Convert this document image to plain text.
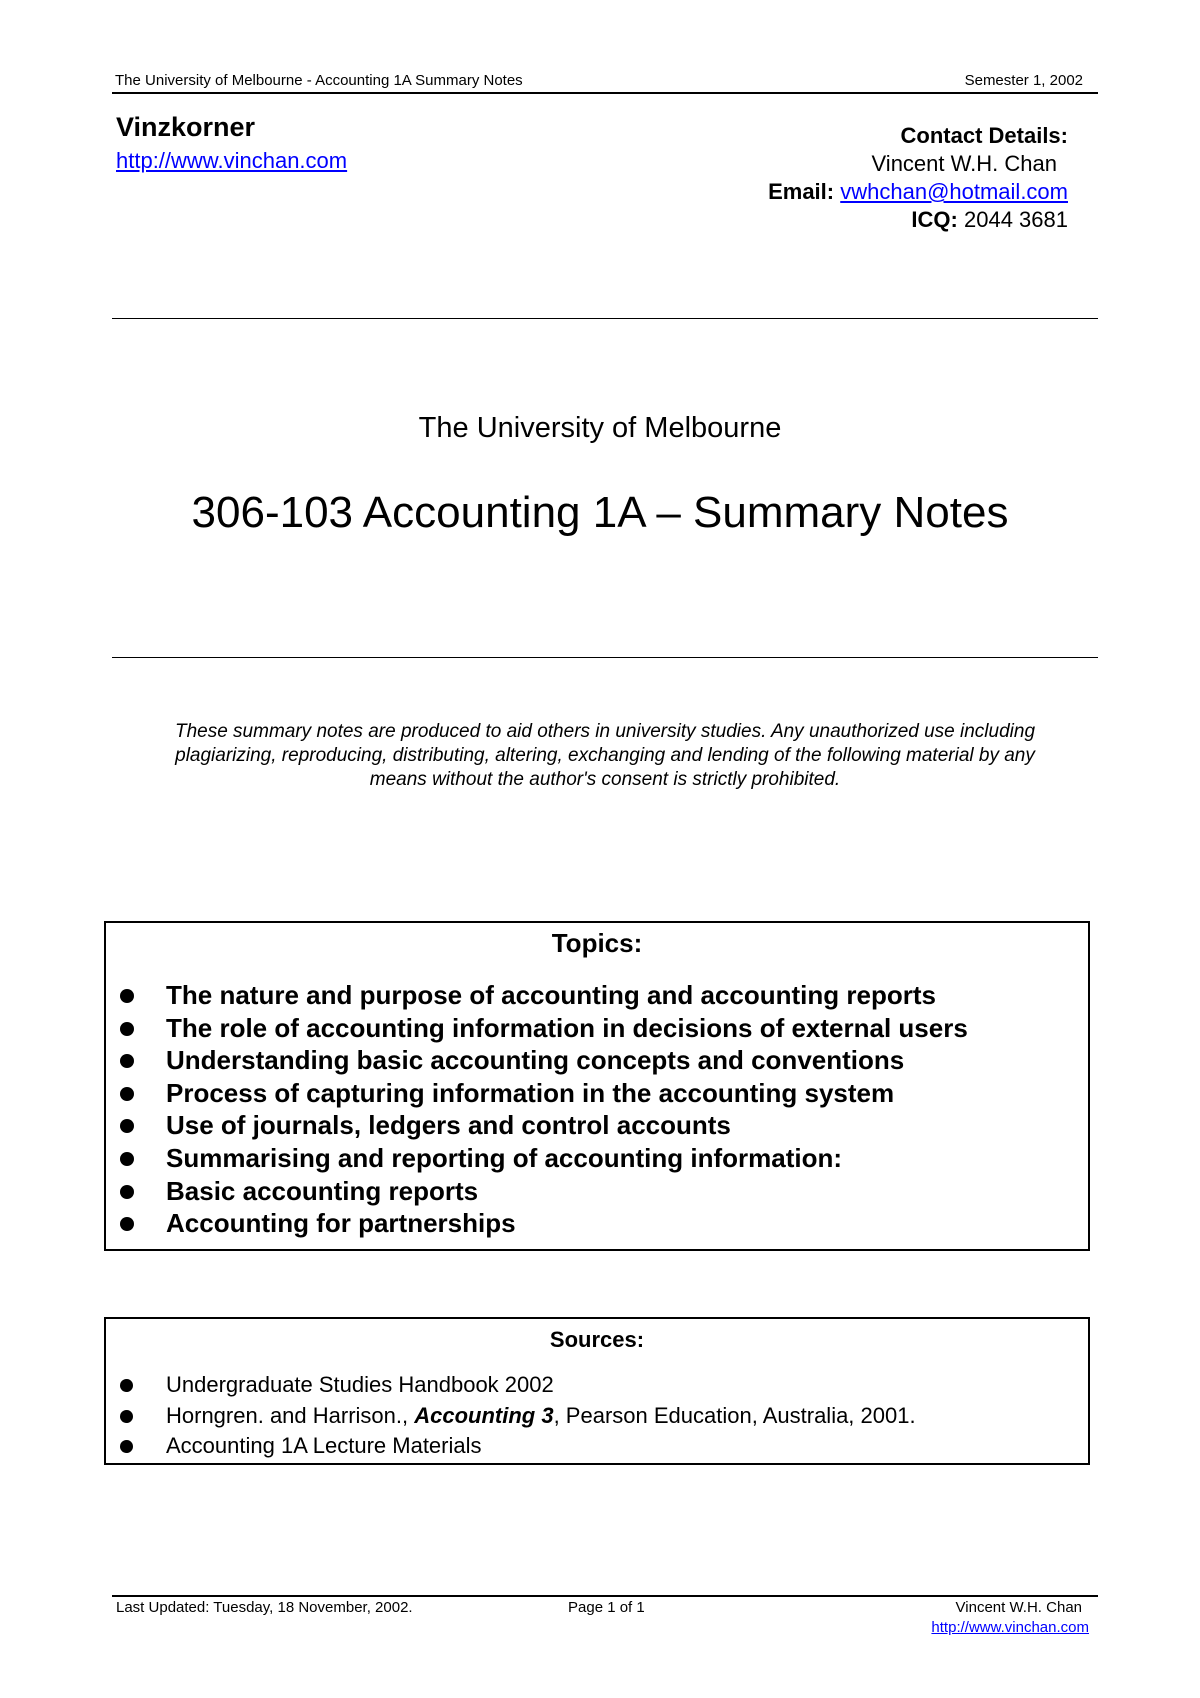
The University of Melbourne - Accounting 1A Summary Notes	Semester 1, 2002
Vinzkorner
http://www.vinchan.com
Contact Details:
Vincent W.H. Chan
Email: vwhchan@hotmail.com
ICQ: 2044 3681
The University of Melbourne
306-103 Accounting 1A – Summary Notes
These summary notes are produced to aid others in university studies. Any unauthorized use including
plagiarizing, reproducing, distributing, altering, exchanging and lending of the following material by any
means without the author's consent is strictly prohibited.
Topics:
The nature and purpose of accounting and accounting reports
The role of accounting information in decisions of external users
Understanding basic accounting concepts and conventions
Process of capturing information in the accounting system
Use of journals, ledgers and control accounts
Summarising and reporting of accounting information:
Basic accounting reports
Accounting for partnerships
Sources:
Undergraduate Studies Handbook 2002
Horngren. and Harrison., Accounting 3, Pearson Education, Australia, 2001.
Accounting 1A Lecture Materials
Last Updated: Tuesday, 18 November, 2002.	Page 1 of 1	Vincent W.H. Chan
http://www.vinchan.com
